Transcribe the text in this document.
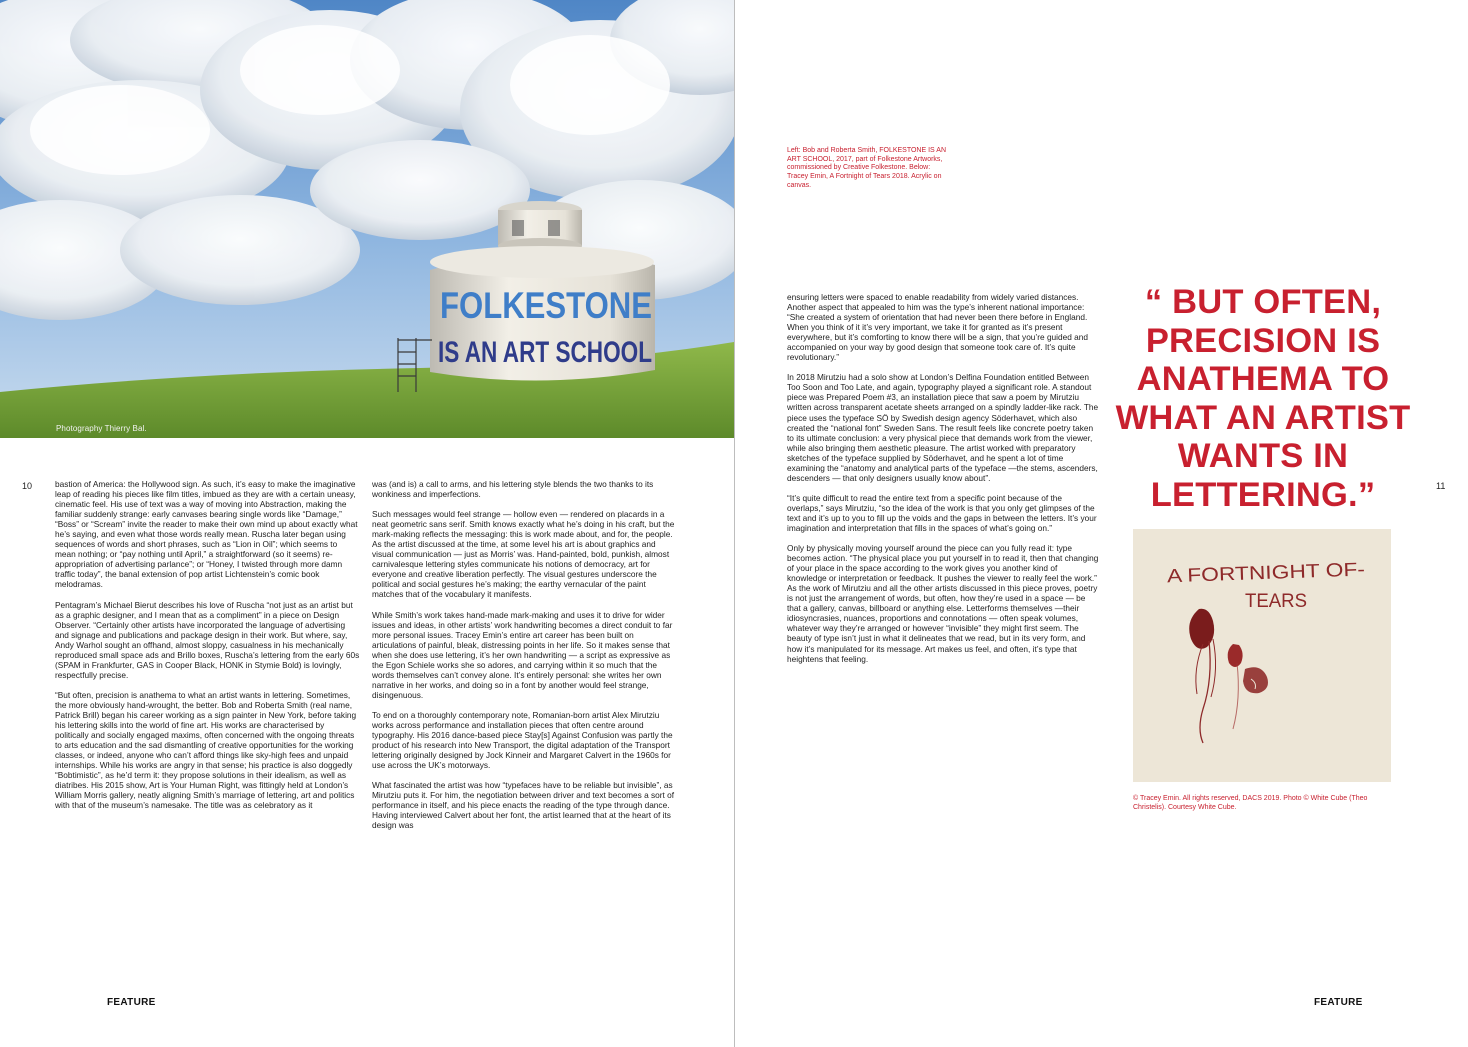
FOLKESTONE
IS AN ART SCHOOL
Photography Thierry Bal.
10	bastion of America: the Hollywood sign. As such, it’s easy to make the imaginative leap of reading his pieces like film titles, imbued as they are with a certain uneasy, cinematic feel. His use of text was a way of moving into Abstraction, making the familiar suddenly strange: early canvases bearing single words like “Damage,” “Boss” or “Scream” invite the reader to make their own mind up about exactly what he’s saying, and even what those words really mean. Ruscha later began using sequences of words and short phrases, such as “Lion in Oil”; which seems to mean nothing; or “pay nothing until April,” a straightforward (so it seems) re-appropriation of advertising parlance”; or “Honey, I twisted through more damn traffic today”, the banal extension of pop artist Lichtenstein’s comic book melodramas.

Pentagram’s Michael Bierut describes his love of Ruscha “not just as an artist but as a graphic designer, and I mean that as a compliment” in a piece on Design Observer. “Certainly other artists have incorporated the language of advertising and signage and publications and package design in their work. But where, say, Andy Warhol sought an offhand, almost sloppy, casualness in his mechanically reproduced small space ads and Brillo boxes, Ruscha’s lettering from the early 60s (SPAM in Frankfurter, GAS in Cooper Black, HONK in Stymie Bold) is lovingly, respectfully precise.

“But often, precision is anathema to what an artist wants in lettering. Sometimes, the more obviously hand-wrought, the better. Bob and Roberta Smith (real name, Patrick Brill) began his career working as a sign painter in New York, before taking his lettering skills into the world of fine art. His works are characterised by politically and socially engaged maxims, often concerned with the ongoing threats to arts education and the sad dismantling of creative opportunities for the working classes, or indeed, anyone who can’t afford things like sky-high fees and unpaid internships. While his works are angry in that sense; his practice is also doggedly “Bobtimistic”, as he’d term it: they propose solutions in their idealism, as well as diatribes. His 2015 show, Art is Your Human Right, was fittingly held at London’s William Morris gallery, neatly aligning Smith’s marriage of lettering, art and politics with that of the museum’s namesake. The title was as celebratory as it

was (and is) a call to arms, and his lettering style blends the two thanks to its wonkiness and imperfections.

Such messages would feel strange — hollow even — rendered on placards in a neat geometric sans serif. Smith knows exactly what he’s doing in his craft, but the mark-making reflects the messaging: this is work made about, and for, the people. As the artist discussed at the time, at some level his art is about graphics and visual communication — just as Morris’ was. Hand-painted, bold, punkish, almost carnivalesque lettering styles communicate his notions of democracy, art for everyone and creative liberation perfectly. The visual gestures underscore the political and social gestures he’s making; the earthy vernacular of the paint matches that of the vocabulary it manifests.

While Smith’s work takes hand-made mark-making and uses it to drive for wider issues and ideas, in other artists’ work handwriting becomes a direct conduit to far more personal issues. Tracey Emin’s entire art career has been built on articulations of painful, bleak, distressing points in her life. So it makes sense that when she does use lettering, it’s her own handwriting — a script as expressive as the Egon Schiele works she so adores, and carrying within it so much that the words themselves can’t convey alone. It’s entirely personal: she writes her own narrative in her works, and doing so in a font by another would feel strange, disingenuous.

To end on a thoroughly contemporary note, Romanian-born artist Alex Mirutziu works across performance and installation pieces that often centre around typography. His 2016 dance-based piece Stay[s] Against Confusion was partly the product of his research into New Transport, the digital adaptation of the Transport lettering originally designed by Jock Kinneir and Margaret Calvert in the 1960s for use across the UK’s motorways.

What fascinated the artist was how “typefaces have to be reliable but invisible”, as Mirutziu puts it. For him, the negotiation between driver and text becomes a sort of performance in itself, and his piece enacts the reading of the type through dance. Having interviewed Calvert about her font, the artist learned that at the heart of its design was

FEATURE
Left: Bob and Roberta Smith, FOLKESTONE IS AN ART SCHOOL, 2017, part of Folkestone Artworks, commissioned by Creative Folkestone. Below: Tracey Emin, A Fortnight of Tears 2018. Acrylic on canvas.

ensuring letters were spaced to enable readability from widely varied distances. Another aspect that appealed to him was the type’s inherent national importance: “She created a system of orientation that had never been there before in England. When you think of it it’s very important, we take it for granted as it’s present everywhere, but it’s comforting to know there will be a sign, that you’re guided and accompanied on your way by good design that someone took care of. It’s quite revolutionary.”

In 2018 Mirutziu had a solo show at London’s Delfina Foundation entitled Between Too Soon and Too Late, and again, typography played a significant role. A standout piece was Prepared Poem #3, an installation piece that saw a poem by Mirutziu written across transparent acetate sheets arranged on a spindly ladder-like rack. The piece uses the typeface SÖ by Swedish design agency Söderhavet, which also created the “national font” Sweden Sans. The result feels like concrete poetry taken to its ultimate conclusion: a very physical piece that demands work from the viewer, while also bringing them aesthetic pleasure. The artist worked with preparatory sketches of the typeface supplied by Söderhavet, and he spent a lot of time examining the “anatomy and analytical parts of the typeface —the stems, ascenders, descenders — that only designers usually know about”.

“It’s quite difficult to read the entire text from a specific point because of the overlaps,” says Mirutziu, “so the idea of the work is that you only get glimpses of the text and it’s up to you to fill up the voids and the gaps in between the letters. It’s your imagination and interpretation that fills in the spaces of what’s going on.”

Only by physically moving yourself around the piece can you fully read it: type becomes action. “The physical place you put yourself in to read it, then that changing of your place in the space according to the work gives you another kind of knowledge or interpretation or feedback. It pushes the viewer to really feel the work.” As the work of Mirutziu and all the other artists discussed in this piece proves, poetry is not just the arrangement of words, but often, how they’re used in a space — be that a gallery, canvas, billboard or anything else. Letterforms themselves —their idiosyncrasies, nuances, proportions and connotations — often speak volumes, whatever way they’re arranged or however “invisible” they might first seem. The beauty of type isn’t just in what it delineates that we read, but in its very form, and how it’s manipulated for its message. Art makes us feel, and often, it’s type that heightens that feeling.

“ BUT OFTEN, PRECISION IS ANATHEMA TO WHAT AN ARTIST WANTS IN LETTERING.”	11
A FORTNIGHT OF-
TEARS
© Tracey Emin. All rights reserved, DACS 2019. Photo © White Cube (Theo Christelis). Courtesy White Cube.
FEATURE
